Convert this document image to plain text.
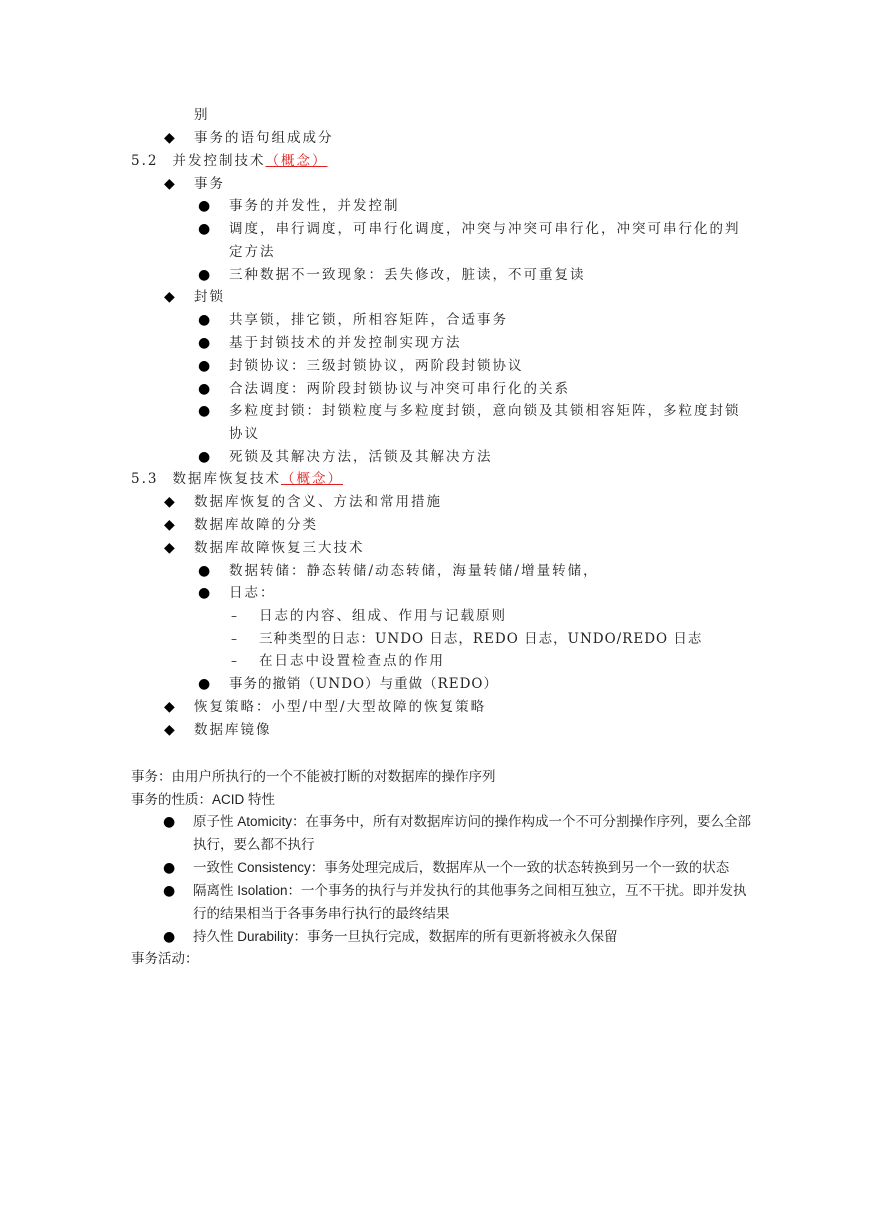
别
◆ 事务的语句组成成分
5.2 并发控制技术（概念）
◆ 事务
● 事务的并发性，并发控制
● 调度，串行调度，可串行化调度，冲突与冲突可串行化，冲突可串行化的判
定方法
● 三种数据不一致现象：丢失修改，脏读，不可重复读
◆ 封锁
● 共享锁，排它锁，所相容矩阵，合适事务
● 基于封锁技术的并发控制实现方法
● 封锁协议：三级封锁协议，两阶段封锁协议
● 合法调度：两阶段封锁协议与冲突可串行化的关系
● 多粒度封锁：封锁粒度与多粒度封锁，意向锁及其锁相容矩阵，多粒度封锁
协议
● 死锁及其解决方法，活锁及其解决方法
5.3 数据库恢复技术（概念）
◆ 数据库恢复的含义、方法和常用措施
◆ 数据库故障的分类
◆ 数据库故障恢复三大技术
● 数据转储：静态转储/动态转储，海量转储/增量转储，
● 日志：
– 日志的内容、组成、作用与记载原则
– 三种类型的日志：UNDO 日志，REDO 日志，UNDO/REDO 日志
– 在日志中设置检查点的作用
● 事务的撤销（UNDO）与重做（REDO）
◆ 恢复策略：小型/中型/大型故障的恢复策略
◆ 数据库镜像
事务：由用户所执行的一个不能被打断的对数据库的操作序列
事务的性质：ACID 特性
● 原子性 Atomicity：在事务中，所有对数据库访问的操作构成一个不可分割操作序列，要么全部
执行，要么都不执行
● 一致性 Consistency：事务处理完成后，数据库从一个一致的状态转换到另一个一致的状态
● 隔离性 Isolation：一个事务的执行与并发执行的其他事务之间相互独立，互不干扰。即并发执
行的结果相当于各事务串行执行的最终结果
● 持久性 Durability：事务一旦执行完成，数据库的所有更新将被永久保留
事务活动：
